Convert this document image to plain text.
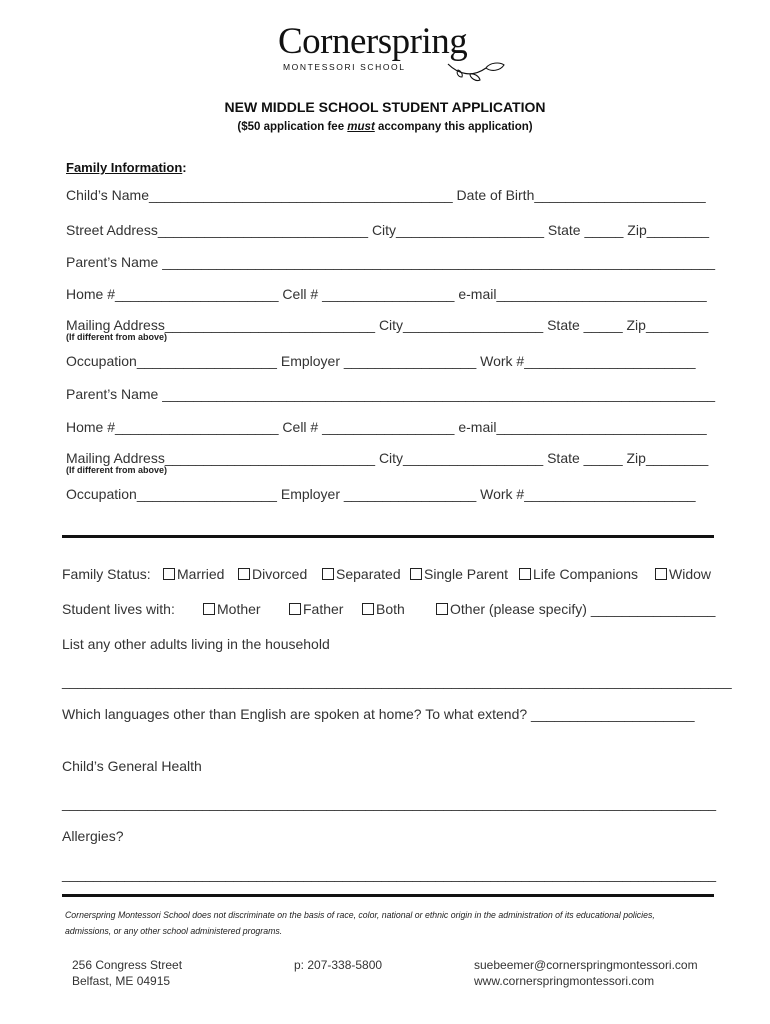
Cornerspring
MONTESSORI SCHOOL
NEW MIDDLE SCHOOL STUDENT APPLICATION
($50 application fee must accompany this application)
Family Information:
Child’s Name_______________________________________ Date of Birth______________________
Street Address___________________________ City___________________ State _____ Zip________
Parent’s Name _______________________________________________________________________
Home #_____________________ Cell # _________________ e-mail___________________________
Mailing Address___________________________ City__________________ State _____ Zip________
(If different from above)
Occupation__________________ Employer _________________ Work #______________________
Parent’s Name _______________________________________________________________________
Home #_____________________ Cell # _________________ e-mail___________________________
Mailing Address___________________________ City__________________ State _____ Zip________
(If different from above)
Occupation__________________ Employer _________________ Work #______________________
Family Status:	Married	Divorced	Separated	Single Parent	Life Companions	Widow
Student lives with:	Mother	Father	Both	Other (please specify) ________________
List any other adults living in the household
______________________________________________________________________________________
Which languages other than English are spoken at home? To what extend? _____________________
Child’s General Health
____________________________________________________________________________________
Allergies?
____________________________________________________________________________________
Cornerspring Montessori School does not discriminate on the basis of race, color, national or ethnic origin in the administration of its educational policies, admissions, or any other school administered programs.
256 Congress Street
Belfast, ME 04915
p: 207-338-5800	suebeemer@cornerspringmontessori.com
www.cornerspringmontessori.com
